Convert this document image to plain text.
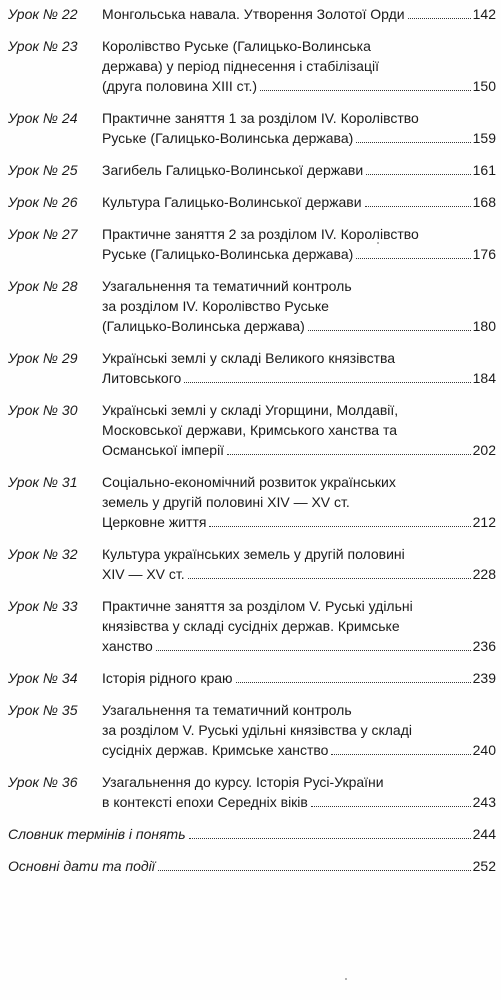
Урок № 22	Монгольська навала. Утворення Золотої Орди	142
Урок № 23	Королівство Руське (Галицько-Волинська
держава) у період піднесення і стабілізації
(друга половина XIII ст.)	150
Урок № 24	Практичне заняття 1 за розділом IV. Королівство
Руське (Галицько-Волинська держава)	159
Урок № 25	Загибель Галицько-Волинської держави	161
Урок № 26	Культура Галицько-Волинської держави	168
Урок № 27	Практичне заняття 2 за розділом IV. Королівство
Руське (Галицько-Волинська держава)	176
Урок № 28	Узагальнення та тематичний контроль
за розділом IV. Королівство Руське
(Галицько-Волинська держава)	180
Урок № 29	Українські землі у складі Великого князівства
Литовського	184
Урок № 30	Українські землі у складі Угорщини, Молдавії,
Московської держави, Кримського ханства та
Османської імперії	202
Урок № 31	Соціально-економічний розвиток українських
земель у другій половині XIV — XV ст.
Церковне життя	212
Урок № 32	Культура українських земель у другій половині
XIV — XV ст.	228
Урок № 33	Практичне заняття за розділом V. Руські удільні
князівства у складі сусідніх держав. Кримське
ханство	236
Урок № 34	Історія рідного краю	239
Урок № 35	Узагальнення та тематичний контроль
за розділом V. Руські удільні князівства у складі
сусідніх держав. Кримське ханство	240
Урок № 36	Узагальнення до курсу. Історія Русі-України
в контексті епохи Середніх віків	243
Словник термінів і понять	244
Основні дати та події	252
